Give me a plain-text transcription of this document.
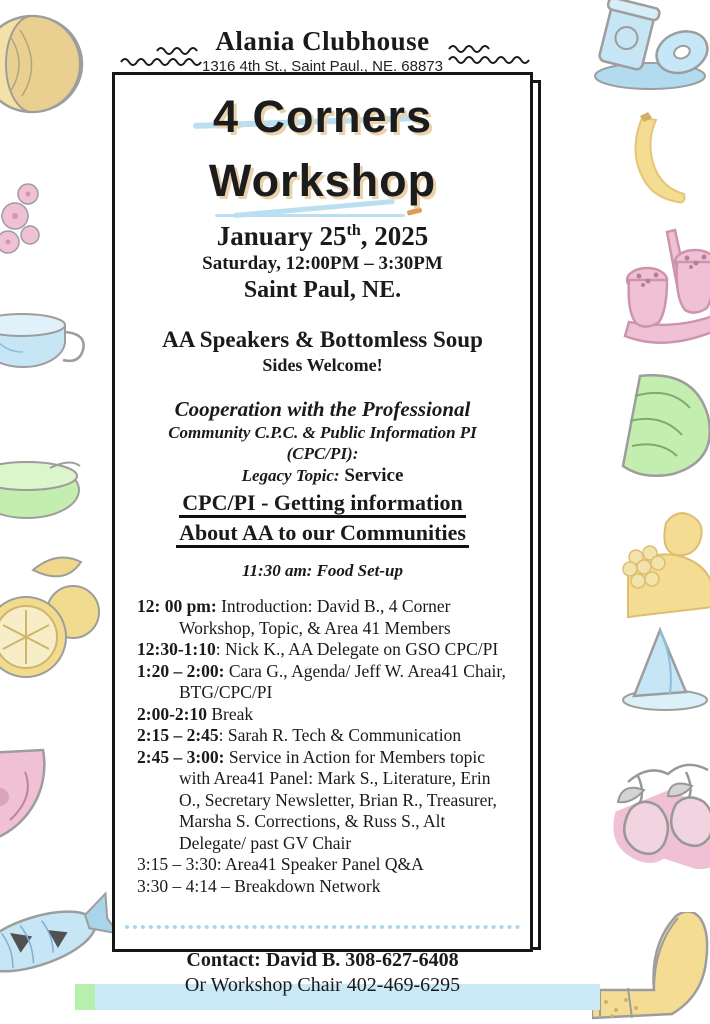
Alania Clubhouse
1316 4th St., Saint Paul., NE. 68873
4 Corners
Workshop
January 25th, 2025
Saturday, 12:00PM – 3:30PM
Saint Paul, NE.
AA Speakers & Bottomless Soup
Sides Welcome!
Cooperation with the Professional
Community C.P.C. & Public Information PI
(CPC/PI):
Legacy Topic: Service
CPC/PI - Getting information
About AA to our Communities
11:30 am: Food Set-up
12: 00 pm: Introduction: David B., 4 Corner Workshop, Topic, & Area 41 Members
12:30-1:10: Nick K., AA Delegate on GSO CPC/PI
1:20 – 2:00: Cara G., Agenda/ Jeff W. Area41 Chair, BTG/CPC/PI
2:00-2:10 Break
2:15 – 2:45: Sarah R. Tech & Communication
2:45 – 3:00: Service in Action for Members topic with Area41 Panel: Mark S., Literature, Erin O., Secretary Newsletter, Brian R., Treasurer, Marsha S. Corrections, & Russ S., Alt Delegate/ past GV Chair
3:15 – 3:30: Area41 Speaker Panel Q&A
3:30 – 4:14 – Breakdown Network
Contact: David B. 308-627-6408
Or Workshop Chair 402-469-6295
